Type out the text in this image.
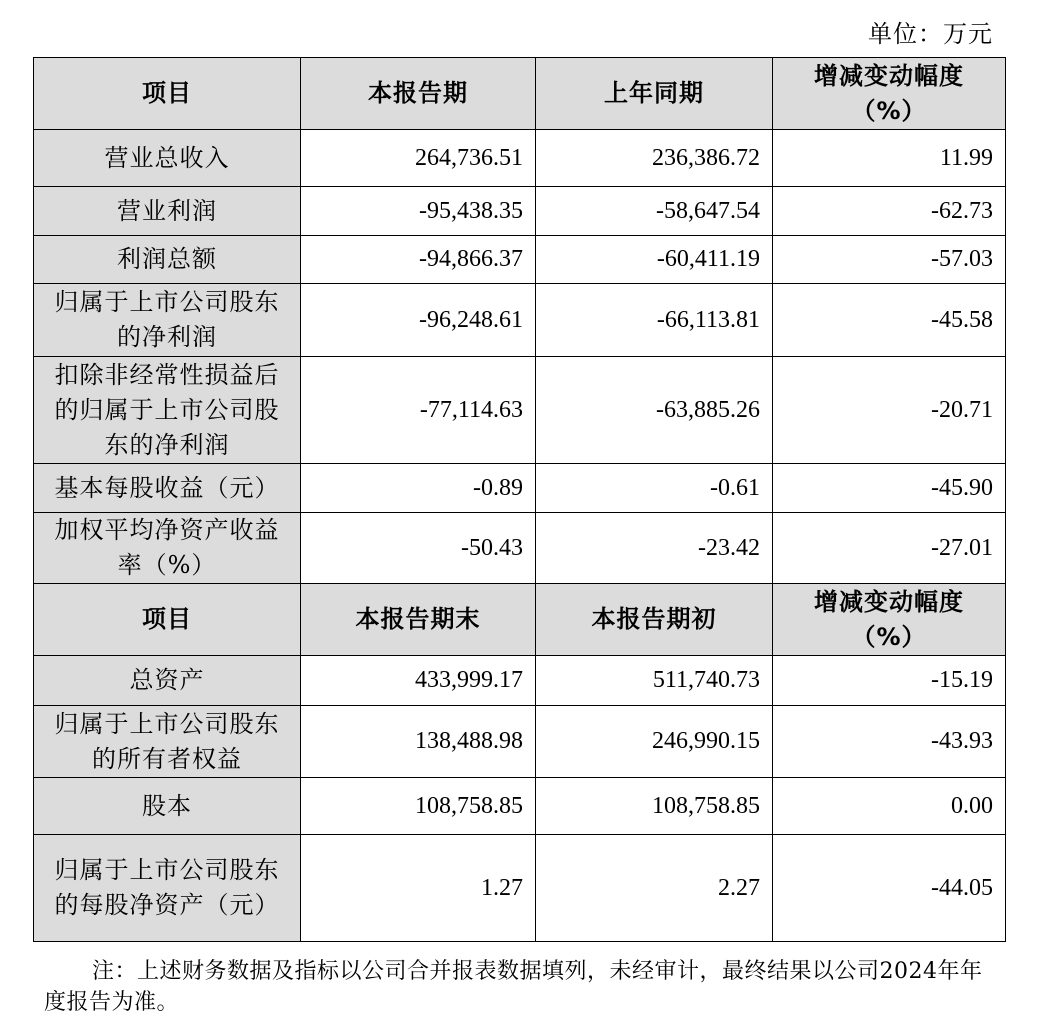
单位：万元
项目	本报告期	上年同期	增减变动幅度（%）
营业总收入	264,736.51	236,386.72	11.99
营业利润	-95,438.35	-58,647.54	-62.73
利润总额	-94,866.37	-60,411.19	-57.03
归属于上市公司股东的净利润	-96,248.61	-66,113.81	-45.58
扣除非经常性损益后的归属于上市公司股东的净利润	-77,114.63	-63,885.26	-20.71
基本每股收益（元）	-0.89	-0.61	-45.90
加权平均净资产收益率（%）	-50.43	-23.42	-27.01
项目	本报告期末	本报告期初	增减变动幅度（%）
总资产	433,999.17	511,740.73	-15.19
归属于上市公司股东的所有者权益	138,488.98	246,990.15	-43.93
股本	108,758.85	108,758.85	0.00
归属于上市公司股东的每股净资产（元）	1.27	2.27	-44.05
注：上述财务数据及指标以公司合并报表数据填列，未经审计，最终结果以公司2024年年度报告为准。
